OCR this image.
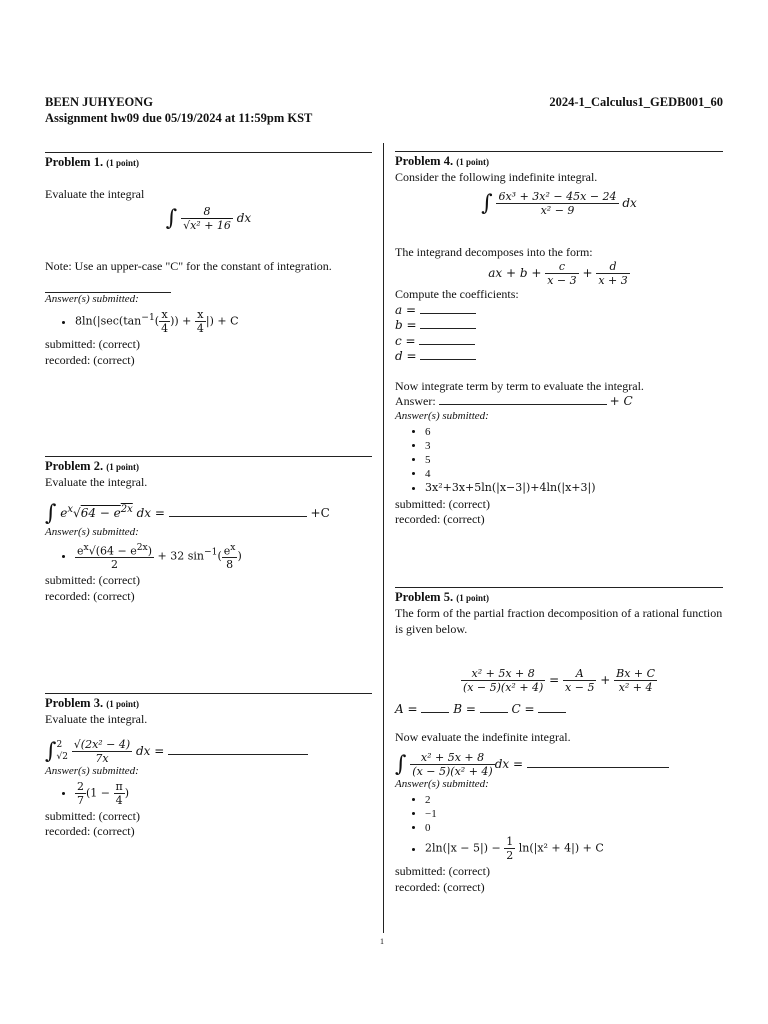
BEEN JUHYEONG
Assignment hw09 due 05/19/2024 at 11:59pm KST
2024-1_Calculus1_GEDB001_60
Problem 1. (1 point)
Evaluate the integral
∫ $\frac{8}{\text{√x² + 16}}$ dx
Note: Use an upper-case "C" for the constant of integration.
Answer(s) submitted:
• $8\ln(|\sec(\tan^{-1}( \frac{x}{4}$ )) + $\frac{x}{4}$ |) + C
submitted: (correct)
recorded: (correct)
Problem 2. (1 point)
Evaluate the integral.
∫ $e^x√64 - e^{2x}$ dx =	+C
Answer(s) submitted:
• $\frac{e^x√(64 - e^{2x})}{2} + 32$ $\sin^{-1}( \frac{e^x}{8}$ )
submitted: (correct)
recorded: (correct)
Problem 3. (1 point)
Evaluate the integral.
∫2
$√2 \frac{\text{√(2x² − 4)}}{7x}$ dx =
Answer(s) submitted:
• $\frac{2}{7} (1 - \frac{\pi}{4}$ )
submitted: (correct)
recorded: (correct)
Problem 4. (1 point)
Consider the following indefinite integral.
∫ $\frac{\text{6x³ + 3x² − 45x − 24}}{\text{x² − 9}}$ dx
The integrand decomposes into the form:
ax + $b + \frac{c}{x - 3} + \frac{d}{x + 3}$
Compute the coefficients:
a =
b =
c =
d =
Now integrate term by term to evaluate the integral.
Answer:	+ C
Answer(s) submitted:
• 6
• 3
• 5
• 4
• 3x²+3x+5ln(|x−3|)+4ln(|x+3|)
submitted: (correct)
recorded: (correct)
Problem 5. (1 point)
The form of the partial fraction decomposition of a rational function is given below.
$\frac{\text{x² + 5x + 8}}{\text{(x − 5)(x² + 4)}} = \frac{A}{x - 5} + \frac{Bx + C}{\text{x² + 4}}$
A =	B =	C =
Now evaluate the indefinite integral.
∫ $\frac{\text{x² + 5x + 8}}{\text{(x − 5)(x² + 4)}}$ dx =
Answer(s) submitted:
• 2
• −1
• 0
• $2\ln(|x - 5|) - \frac{1}{2} \ln(|x^2 + 4|) + C$
submitted: (correct)
recorded: (correct)
1
